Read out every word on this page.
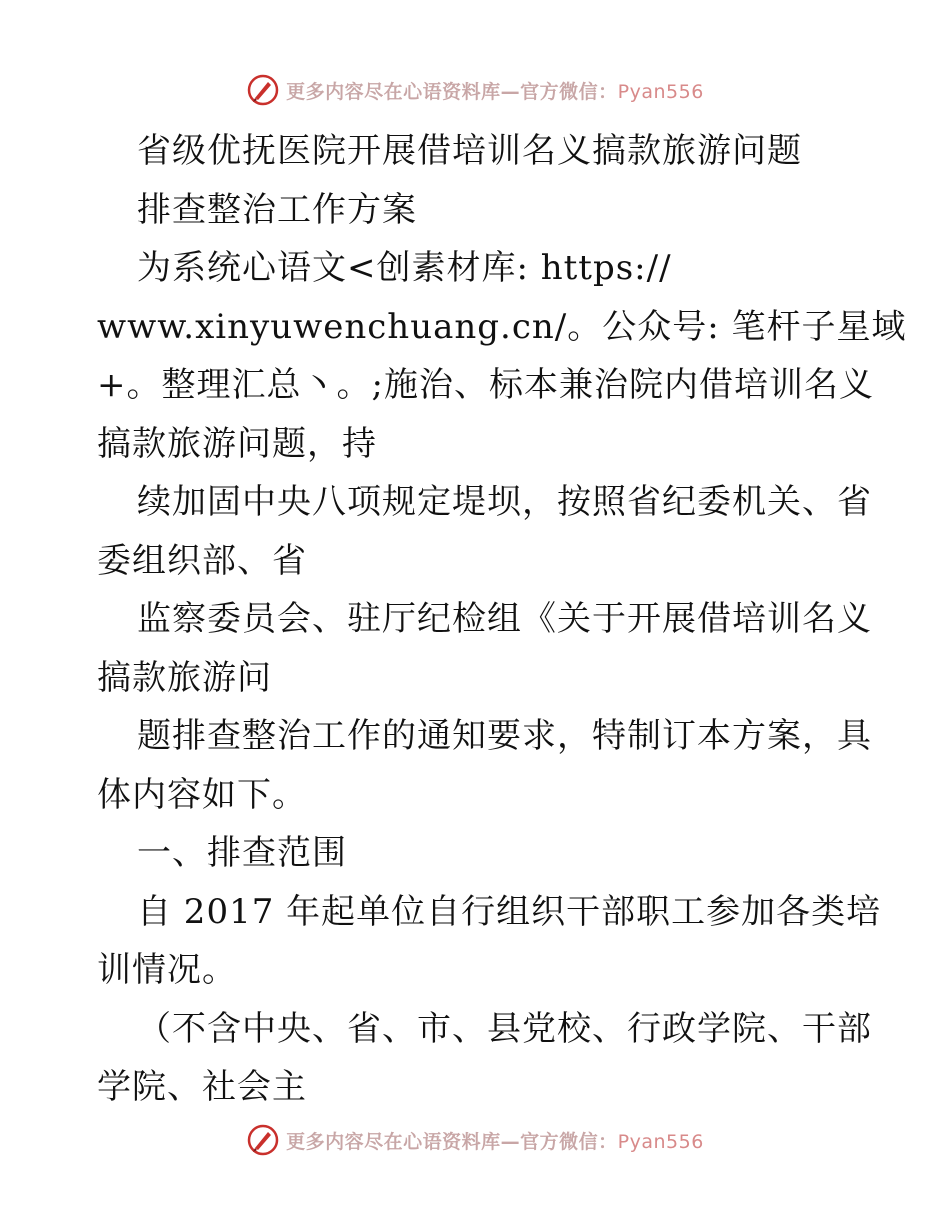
更多内容尽在心语资料库—官方微信：Pyan556
省级优抚医院开展借培训名义搞款旅游问题
排查整治工作方案
为系统心语文<创素材库: https://
www.xinyuwenchuang.cn/。公众号: 笔杆子星域
+。整理汇总丶。;施治、标本兼治院内借培训名义
搞款旅游问题，持
续加固中央八项规定堤坝，按照省纪委机关、省
委组织部、省
监察委员会、驻厅纪检组《关于开展借培训名义
搞款旅游问
题排查整治工作的通知要求，特制订本方案，具
体内容如下。
一、排查范围
自 2017 年起单位自行组织干部职工参加各类培
训情况。
（不含中央、省、市、县党校、行政学院、干部
学院、社会主
更多内容尽在心语资料库—官方微信：Pyan556
